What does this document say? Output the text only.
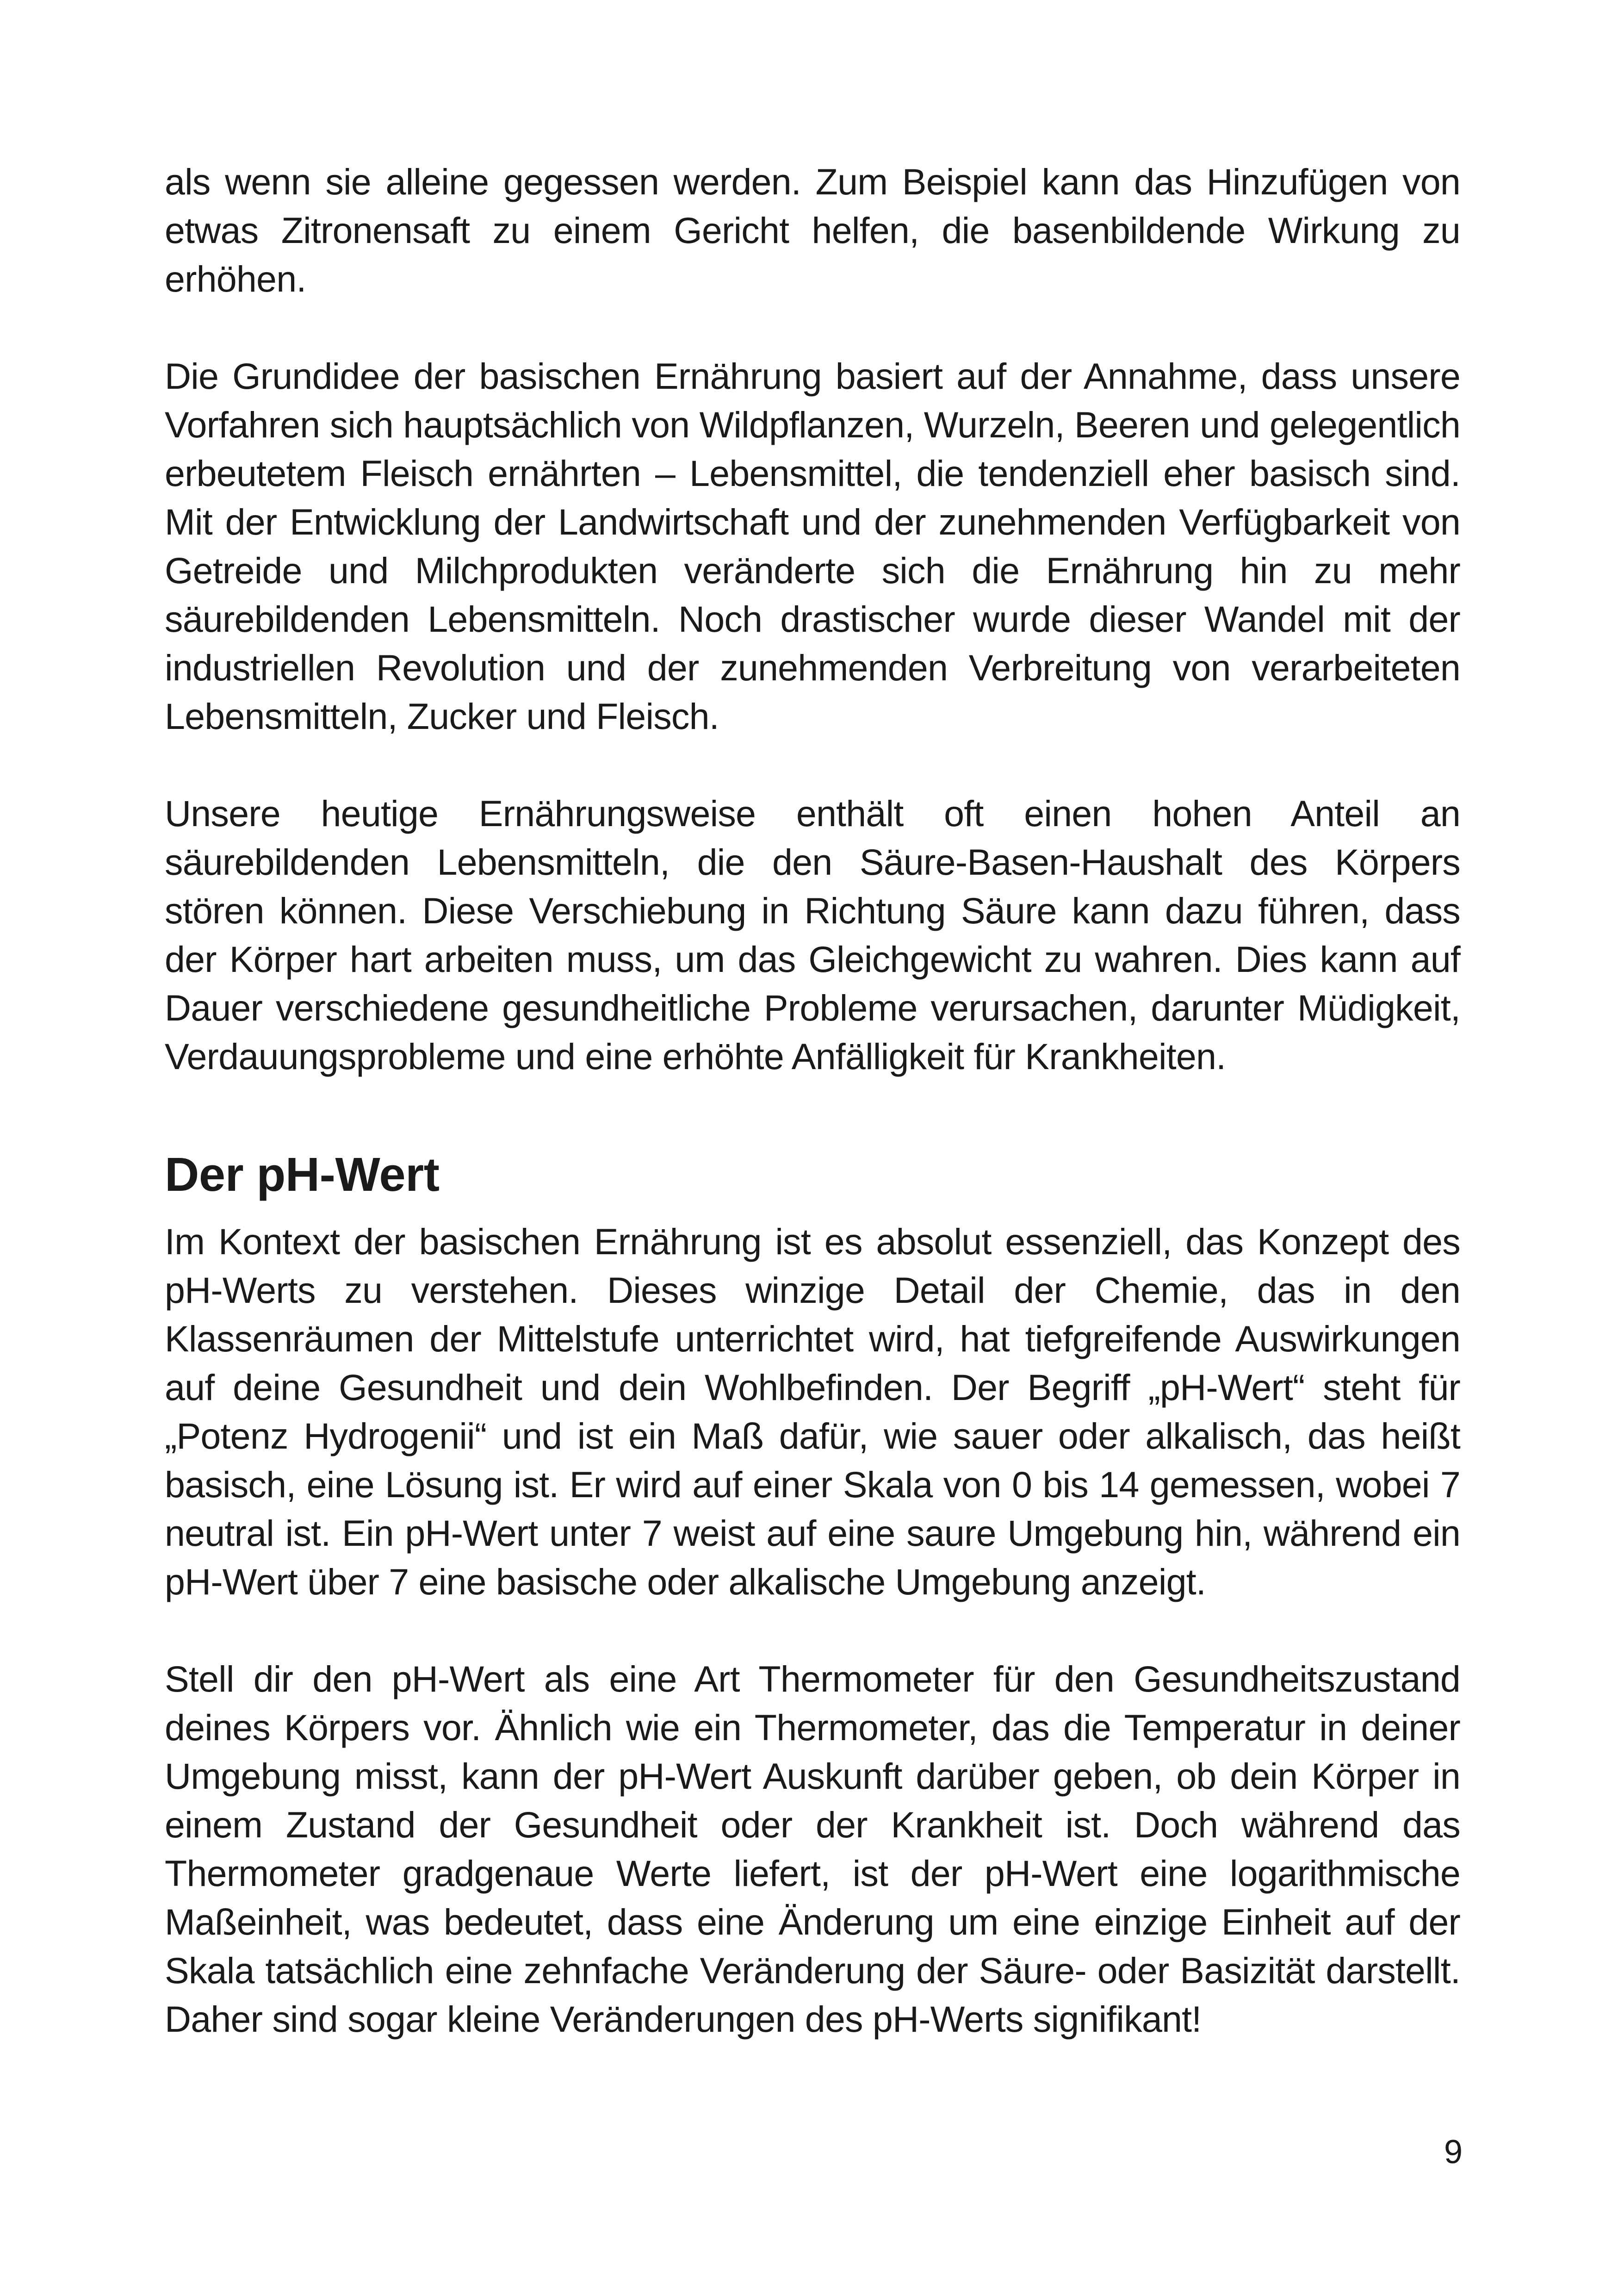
als wenn sie alleine gegessen werden. Zum Beispiel kann das Hinzufügen von etwas Zitronensaft zu einem Gericht helfen, die basenbildende Wirkung zu erhöhen.

Die Grundidee der basischen Ernährung basiert auf der Annahme, dass unsere Vorfahren sich hauptsächlich von Wildpflanzen, Wurzeln, Beeren und gelegentlich erbeutetem Fleisch ernährten – Lebensmittel, die tendenziell eher basisch sind. Mit der Entwicklung der Landwirtschaft und der zunehmenden Verfügbarkeit von Getreide und Milchprodukten veränderte sich die Ernährung hin zu mehr säurebildenden Lebensmitteln. Noch drastischer wurde dieser Wandel mit der industriellen Revolution und der zunehmenden Verbreitung von verarbeiteten Lebensmitteln, Zucker und Fleisch.

Unsere heutige Ernährungsweise enthält oft einen hohen Anteil an säurebildenden Lebensmitteln, die den Säure-Basen-Haushalt des Körpers stören können. Diese Verschiebung in Richtung Säure kann dazu führen, dass der Körper hart arbeiten muss, um das Gleichgewicht zu wahren. Dies kann auf Dauer verschiedene gesundheitliche Probleme verursachen, darunter Müdigkeit, Verdauungsprobleme und eine erhöhte Anfälligkeit für Krankheiten.

Der pH-Wert

Im Kontext der basischen Ernährung ist es absolut essenziell, das Konzept des pH-Werts zu verstehen. Dieses winzige Detail der Chemie, das in den Klassenräumen der Mittelstufe unterrichtet wird, hat tiefgreifende Auswirkungen auf deine Gesundheit und dein Wohlbefinden. Der Begriff „pH-Wert“ steht für „Potenz Hydrogenii“ und ist ein Maß dafür, wie sauer oder alkalisch, das heißt basisch, eine Lösung ist. Er wird auf einer Skala von 0 bis 14 gemessen, wobei 7 neutral ist. Ein pH-Wert unter 7 weist auf eine saure Umgebung hin, während ein pH-Wert über 7 eine basische oder alkalische Umgebung anzeigt.

Stell dir den pH-Wert als eine Art Thermometer für den Gesundheitszustand deines Körpers vor. Ähnlich wie ein Thermometer, das die Temperatur in deiner Umgebung misst, kann der pH-Wert Auskunft darüber geben, ob dein Körper in einem Zustand der Gesundheit oder der Krankheit ist. Doch während das Thermometer gradgenaue Werte liefert, ist der pH-Wert eine logarithmische Maßeinheit, was bedeutet, dass eine Änderung um eine einzige Einheit auf der Skala tatsächlich eine zehnfache Veränderung der Säure- oder Basizität darstellt. Daher sind sogar kleine Veränderungen des pH-Werts signifikant!

9
